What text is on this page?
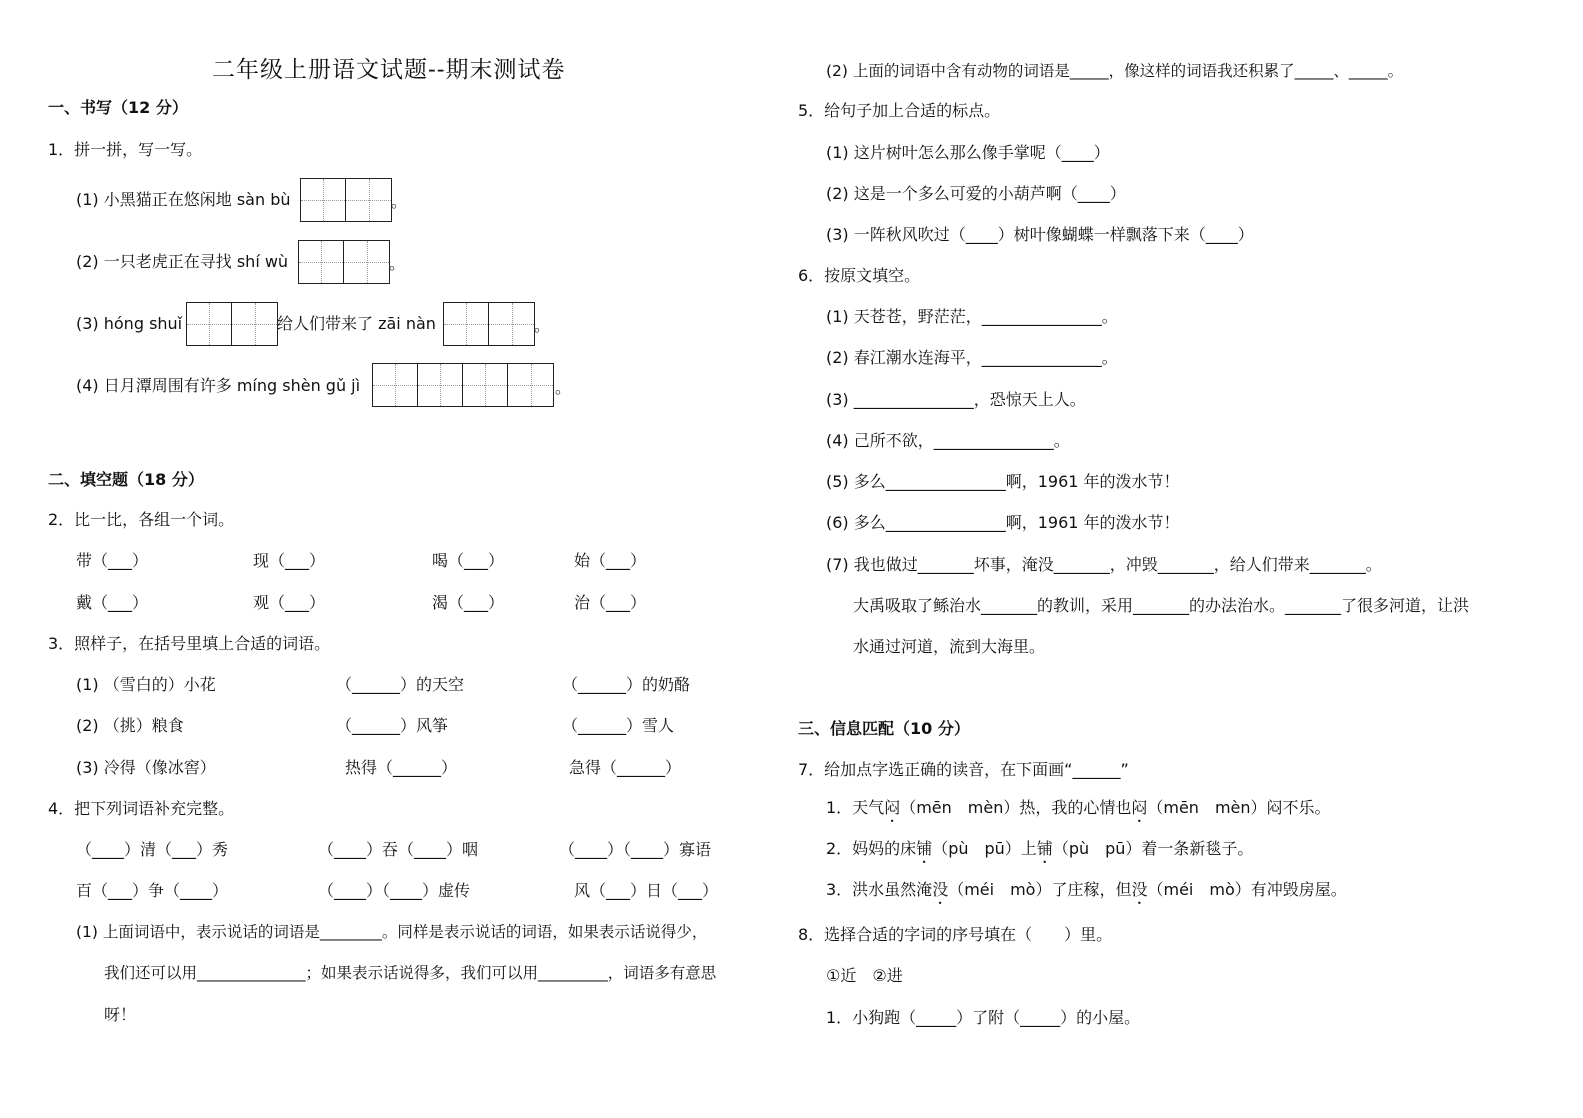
二年级上册语文试题--期末测试卷
一、书写（12 分）
1．拼一拼，写一写。
(1) 小黑猫正在悠闲地 sàn bù	。
(2) 一只老虎正在寻找 shí wù	。
(3) hóng shuǐ	给人们带来了 zāi nàn	。
(4) 日月潭周围有许多 míng shèn gǔ jì	。
二、填空题（18 分）
2．比一比，各组一个词。
带（___）	现（___）	喝（___）	始（___）
戴（___）	观（___）	渴（___）	治（___）
3．照样子，在括号里填上合适的词语。
(1) （雪白的）小花	（______）的天空	（______）的奶酪
(2) （挑）粮食	（______）风筝	（______）雪人
(3) 冷得（像冰窖）	热得（______）	急得（______）
4．把下列词语补充完整。
（____）清（___）秀	（____）吞（____）咽	（____）（____）寡语
百（___）争（____）	（____）（____）虚传	风（___）日（___）
(1) 上面词语中，表示说话的词语是________。同样是表示说话的词语，如果表示话说得少，
我们还可以用______________；如果表示话说得多，我们可以用_________，词语多有意思
呀！
(2) 上面的词语中含有动物的词语是_____，像这样的词语我还积累了_____、_____。
5．给句子加上合适的标点。
(1) 这片树叶怎么那么像手掌呢（____）
(2) 这是一个多么可爱的小葫芦啊（____）
(3) 一阵秋风吹过（____）树叶像蝴蝶一样飘落下来（____）
6．按原文填空。
(1) 天苍苍，野茫茫，_______________。
(2) 春江潮水连海平，_______________。
(3) _______________，恐惊天上人。
(4) 己所不欲，_______________。
(5) 多么_______________啊，1961 年的泼水节！
(6) 多么_______________啊，1961 年的泼水节！
(7) 我也做过_______坏事，淹没_______，冲毁_______，给人们带来_______。
大禹吸取了鲧治水_______的教训，采用_______的办法治水。_______了很多河道，让洪
水通过河道，流到大海里。
三、信息匹配（10 分）
7．给加点字选正确的读音，在下面画“______”
1．天气闷（mēn　mèn）热，我的心情也闷（mēn　mèn）闷不乐。
2．妈妈的床铺（pù　pū）上铺（pù　pū）着一条新毯子。
3．洪水虽然淹没（méi　mò）了庄稼，但没（méi　mò）有冲毁房屋。
8．选择合适的字词的序号填在（　　）里。
①近　②进
1．小狗跑（_____）了附（_____）的小屋。
